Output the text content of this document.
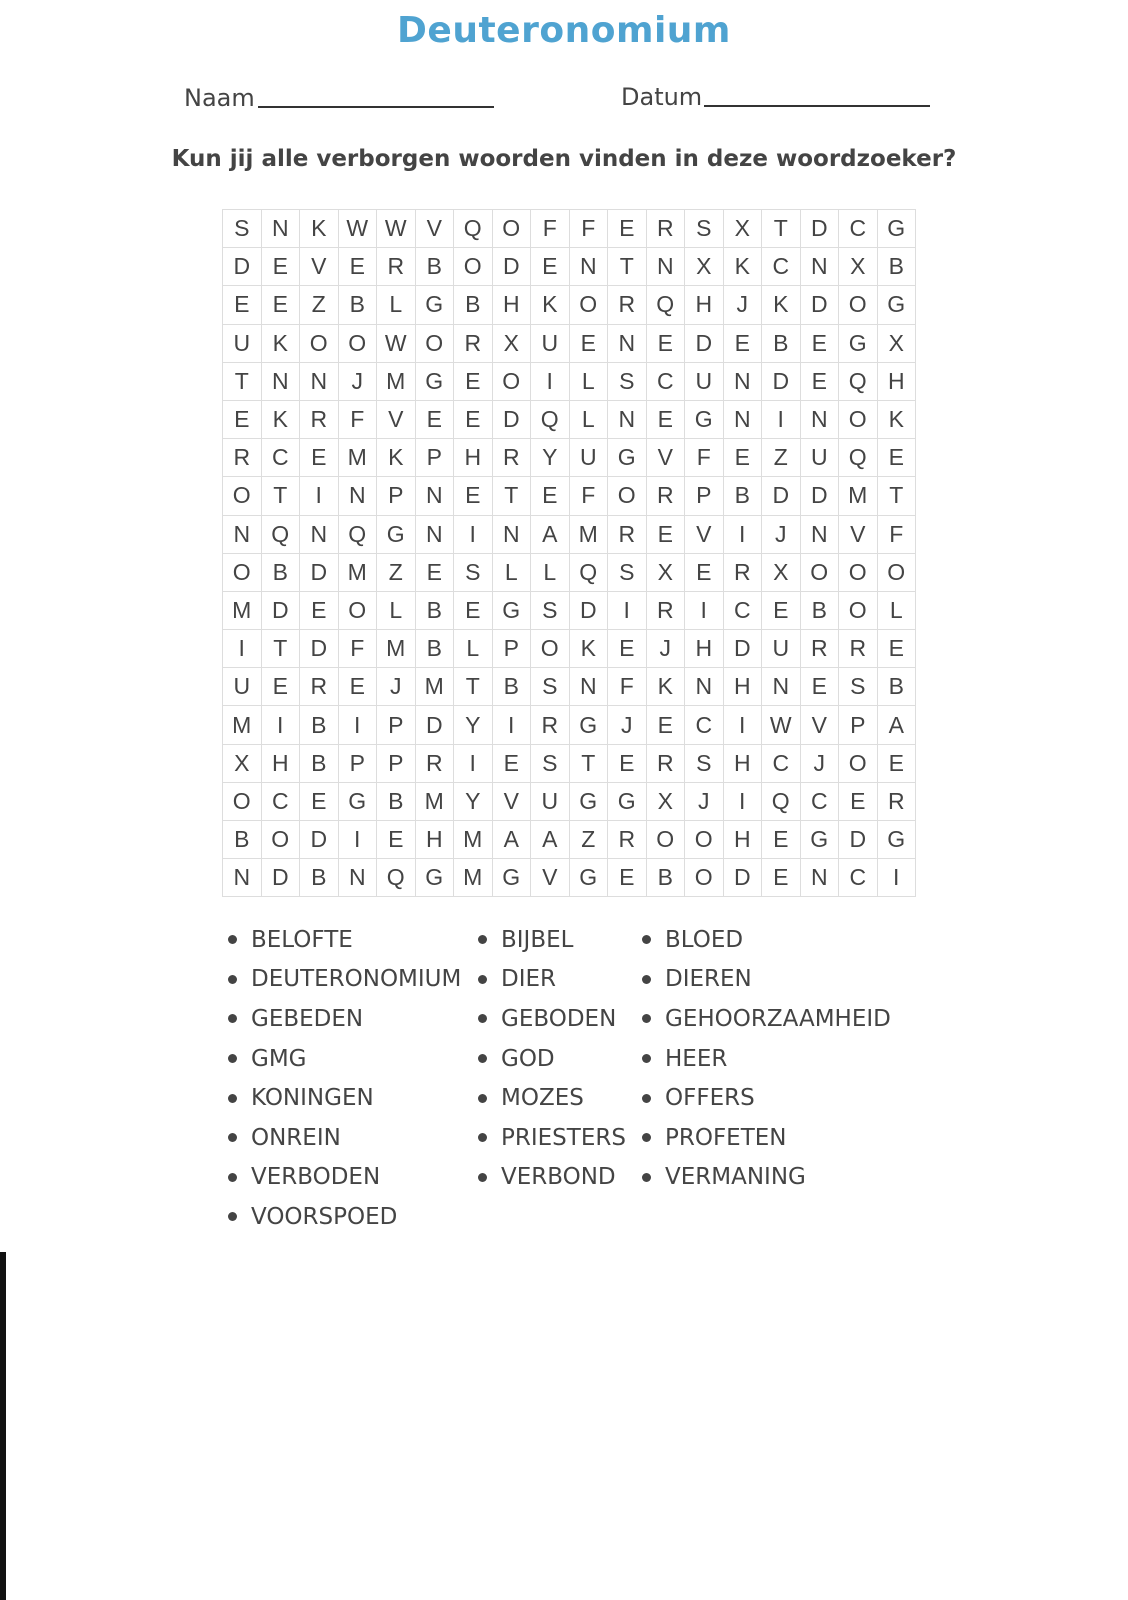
Deuteronomium
Naam	Datum
Kun jij alle verborgen woorden vinden in deze woordzoeker?
S N K W W V Q O F	F	E R S	X	T	D C G
D E	V	E R B O D E N	T	N X	K C N X	B
E	E	Z	B	L	G B H K O R Q H	J	K D O G
U K O O W O R X U E N E D E	B	E G X
T	N N	J	M G E O	I	L	S C U N D E Q H
E	K R	F	V	E	E D Q	L	N E G N	I	N O K
R C E M K	P H R Y U G V	F	E	Z	U Q E
O T	I	N P N E	T	E	F O R P	B D D M T
N Q N Q G N	I	N A M R E	V	I	J	N V	F
O B D M Z	E	S	L	L	Q S	X	E R X O O O
M D E O	L	B	E G S D	I	R	I	C E	B O	L
I	T	D	F M B	L	P O K	E	J	H D U R R E
U E R E	J	M T	B	S N	F	K N H N E	S	B
M	I	B	I	P D Y	I	R G	J	E C	I	W V	P	A
X H B	P	P R	I	E	S	T	E R S H C	J	O E
O C E G B M Y	V U G G X	J	I	Q C E R
B O D	I	E H M A	A	Z	R O O H E G D G
N D B N Q G M G V G E	B O D E N C	I
BELOFTE
DEUTERONOMIUM
GEBEDEN
GMG
KONINGEN
ONREIN
VERBODEN
VOORSPOED
BIJBEL
DIER
GEBODEN
GOD
MOZES
PRIESTERS
VERBOND
BLOED
DIEREN
GEHOORZAAMHEID
HEER
OFFERS
PROFETEN
VERMANING
